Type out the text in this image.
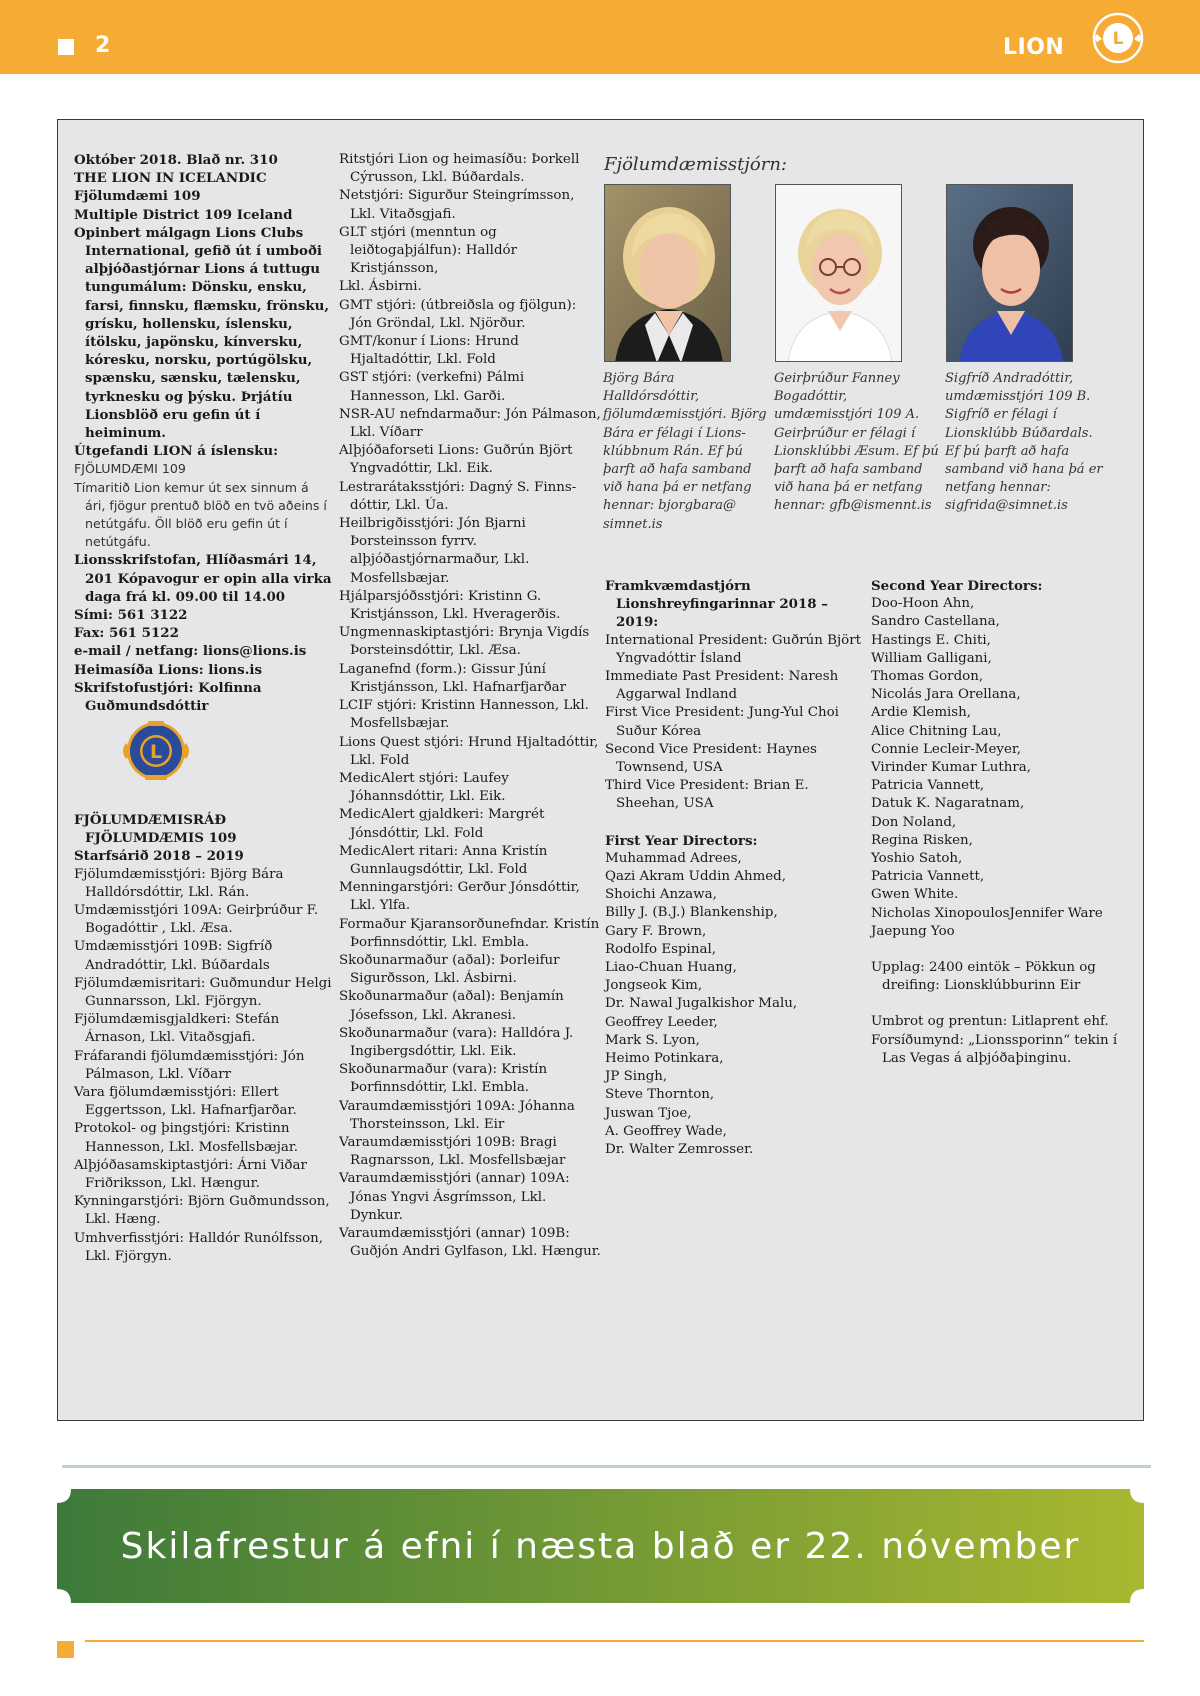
2	LION	L

Október 2018. Blað nr. 310

THE LION IN ICELANDIC

Fjölumdæmi 109

Multiple District 109 Iceland

Opinbert málgagn Lions Clubs International, gefið út í umboði alþjóðastjórnar Lions á tuttugu tungumálum: Dönsku, ensku, farsi, finnsku, flæmsku, frönsku, grísku, hollensku, íslensku, ítölsku, japönsku, kínversku, kóresku, norsku, portúgölsku, spænsku, sænsku, tælensku, tyrknesku og þýsku. Þrjátíu Lionsblöð eru gefin út í heiminum.

Útgefandi LION á íslensku:

FJÖLUMDÆMI 109

Tímaritið Lion kemur út sex sinnum á ári, fjögur prentuð blöð en tvö aðeins í netútgáfu. Öll blöð eru gefin út í netútgáfu.

Lionsskrifstofan, Hlíðasmári 14, 201 Kópavogur er opin alla virka daga frá kl. 09.00 til 14.00

Sími: 561 3122

Fax: 561 5122

e-mail / netfang: lions@lions.is

Heimasíða Lions: lions.is

Skrifstofustjóri: Kolfinna Guðmundsdóttir

L

FJÖLUMDÆMISRÁÐ FJÖLUMDÆMIS 109

Starfsárið 2018 – 2019

Fjölumdæmisstjóri: Björg Bára Halldórsdóttir, Lkl. Rán.

Umdæmisstjóri 109A: Geirþrúður F. Bogadóttir , Lkl. Æsa.

Umdæmisstjóri 109B: Sigfríð Andradóttir, Lkl. Búðardals

Fjölumdæmisritari: Guðmundur Helgi Gunnarsson, Lkl. Fjörgyn.

Fjölumdæmisgjaldkeri: Stefán Árnason, Lkl. Vitaðsgjafi.

Fráfarandi fjölumdæmisstjóri: Jón Pálmason, Lkl. Víðarr

Vara fjölumdæmisstjóri: Ellert Eggertsson, Lkl. Hafnarfjarðar.

Protokol- og þingstjóri: Kristinn Hannesson, Lkl. Mosfellsbæjar.

Alþjóðasamskiptastjóri: Árni Viðar Friðriksson, Lkl. Hængur.

Kynningarstjóri: Björn Guðmundsson, Lkl. Hæng.

Umhverfisstjóri: Halldór Runólfsson, Lkl. Fjörgyn.

Ritstjóri Lion og heimasíðu: Þorkell Cýrusson, Lkl. Búðardals.

Netstjóri: Sigurður Steingrímsson, Lkl. Vitaðsgjafi.

GLT stjóri (menntun og leiðtogaþjálfun): Halldór Kristjánsson,

Lkl. Ásbirni.

GMT stjóri: (útbreiðsla og fjölgun): Jón Gröndal, Lkl. Njörður.

GMT/konur í Lions: Hrund Hjaltadóttir, Lkl. Fold

GST stjóri: (verkefni) Pálmi Hannesson, Lkl. Garði.

NSR-AU nefndarmaður: Jón Pálmason, Lkl. Víðarr

Alþjóðaforseti Lions: Guðrún Björt Yngvadóttir, Lkl. Eik.

Lestrarátaksstjóri: Dagný S. Finns- dóttir, Lkl. Úa.

Heilbrigðisstjóri: Jón Bjarni Þorsteinsson fyrrv. alþjóðastjórnarmaður, Lkl. Mosfellsbæjar.

Hjálparsjóðsstjóri: Kristinn G. Kristjánsson, Lkl. Hveragerðis.

Ungmennaskiptastjóri: Brynja Vigdís Þorsteinsdóttir, Lkl. Æsa.

Laganefnd (form.): Gissur Júní Kristjánsson, Lkl. Hafnarfjarðar

LCIF stjóri: Kristinn Hannesson, Lkl. Mosfellsbæjar.

Lions Quest stjóri: Hrund Hjaltadóttir, Lkl. Fold

MedicAlert stjóri: Laufey Jóhannsdóttir, Lkl. Eik.

MedicAlert gjaldkeri: Margrét Jónsdóttir, Lkl. Fold

MedicAlert ritari: Anna Kristín Gunnlaugsdóttir, Lkl. Fold

Menningarstjóri: Gerður Jónsdóttir, Lkl. Ylfa.

Formaður Kjaransorðunefndar. Kristín Þorfinnsdóttir, Lkl. Embla.

Skoðunarmaður (aðal): Þorleifur Sigurðsson, Lkl. Ásbirni.

Skoðunarmaður (aðal): Benjamín Jósefsson, Lkl. Akranesi.

Skoðunarmaður (vara): Halldóra J. Ingibergsdóttir, Lkl. Eik.

Skoðunarmaður (vara): Kristín Þorfinnsdóttir, Lkl. Embla.

Varaumdæmisstjóri 109A: Jóhanna Thorsteinsson, Lkl. Eir

Varaumdæmisstjóri 109B: Bragi Ragnarsson, Lkl. Mosfellsbæjar

Varaumdæmisstjóri (annar) 109A: Jónas Yngvi Ásgrímsson, Lkl. Dynkur.

Varaumdæmisstjóri (annar) 109B: Guðjón Andri Gylfason, Lkl. Hængur.

Fjölumdæmisstjórn:
Björg Bára Halldórsdóttir, fjölumdæmisstjóri. Björg Bára er félagi í Lions- klúbbnum Rán. Ef þú þarft að hafa samband við hana þá er netfang hennar: bjorgbara@ simnet.is
Geirþrúður Fanney Bogadóttir, umdæmisstjóri 109 A. Geirþrúður er félagi í Lionsklúbbi Æsum. Ef þú þarft að hafa samband við hana þá er netfang hennar: gfb@ismennt.is
Sigfríð Andradóttir, umdæmisstjóri 109 B. Sigfríð er félagi í Lionsklúbb Búðardals. Ef þú þarft að hafa samband við hana þá er netfang hennar: sigfrida@simnet.is

Framkvæmdastjórn Lionshreyfingarinnar 2018 – 2019:

International President: Guðrún Björt Yngvadóttir Ísland

Immediate Past President: Naresh Aggarwal Indland

First Vice President: Jung-Yul Choi Suður Kórea

Second Vice President: Haynes Townsend, USA

Third Vice President: Brian E. Sheehan, USA

First Year Directors:

Muhammad Adrees,

Qazi Akram Uddin Ahmed,

Shoichi Anzawa,

Billy J. (B.J.) Blankenship,

Gary F. Brown,

Rodolfo Espinal,

Liao-Chuan Huang,

Jongseok Kim,

Dr. Nawal Jugalkishor Malu,

Geoffrey Leeder,

Mark S. Lyon,

Heimo Potinkara,

JP Singh,

Steve Thornton,

Juswan Tjoe,

A. Geoffrey Wade,

Dr. Walter Zemrosser.

Second Year Directors:

Doo-Hoon Ahn,

Sandro Castellana,

Hastings E. Chiti,

William Galligani,

Thomas Gordon,

Nicolás Jara Orellana,

Ardie Klemish,

Alice Chitning Lau,

Connie Lecleir-Meyer,

Virinder Kumar Luthra,

Patricia Vannett,

Datuk K. Nagaratnam,

Don Noland,

Regina Risken,

Yoshio Satoh,

Patricia Vannett,

Gwen White.

Nicholas XinopoulosJennifer Ware

Jaepung Yoo

Upplag: 2400 eintök – Pökkun og dreifing: Lionsklúbburinn Eir

Umbrot og prentun: Litlaprent ehf.

Forsíðumynd: „Lionssporinn“ tekin í Las Vegas á alþjóðaþinginu.

Skilafrestur á efni í næsta blað er 22. nóvember
